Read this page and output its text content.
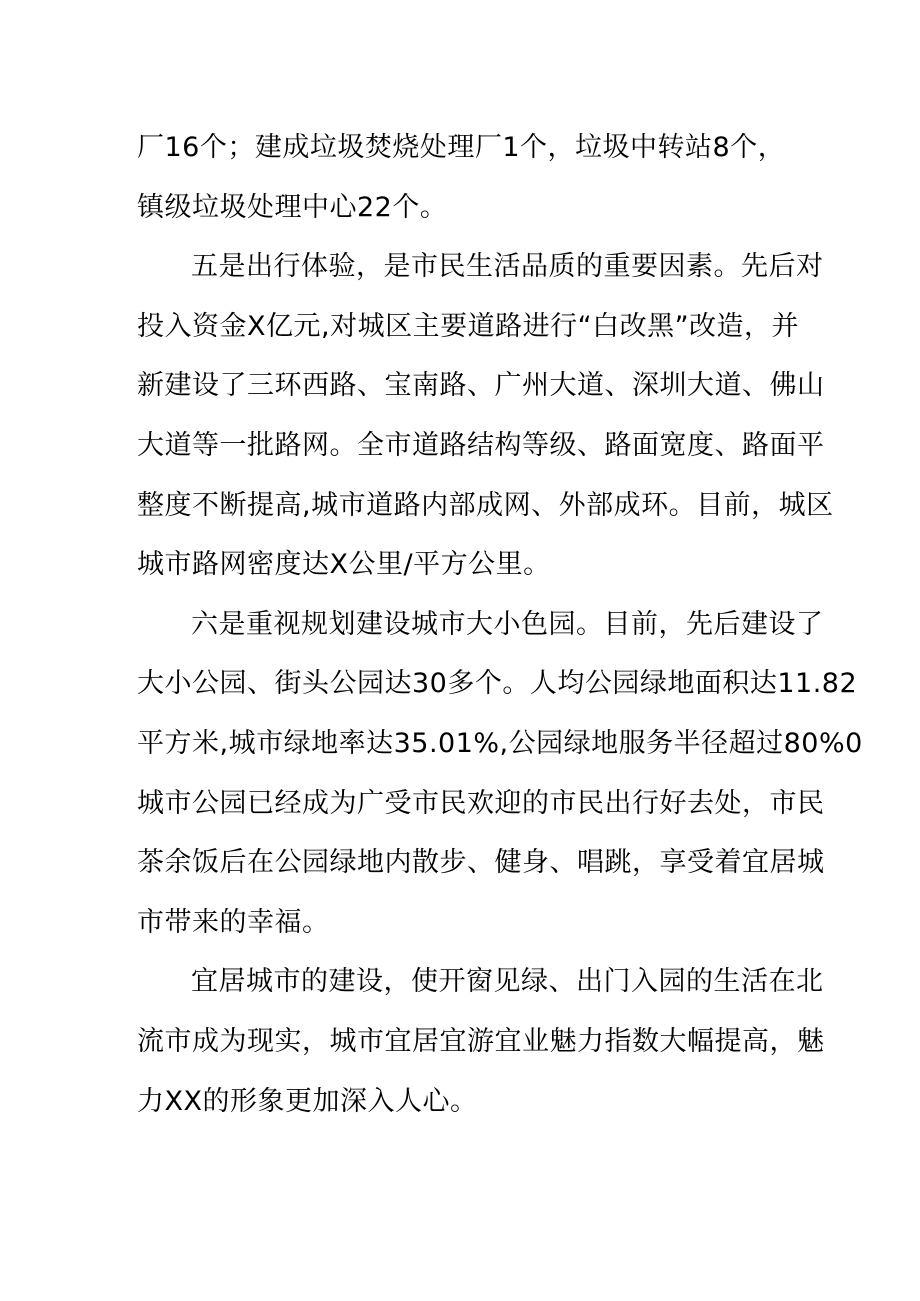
厂16个；建成垃圾焚烧处理厂1个，垃圾中转站8个，
镇级垃圾处理中心22个。
五是出行体验，是市民生活品质的重要因素。先后对
投入资金X亿元,对城区主要道路进行“白改黑”改造，并
新建设了三环西路、宝南路、广州大道、深圳大道、佛山
大道等一批路网。全市道路结构等级、路面宽度、路面平
整度不断提高,城市道路内部成网、外部成环。目前，城区
城市路网密度达X公里/平方公里。
六是重视规划建设城市大小色园。目前，先后建设了
大小公园、街头公园达30多个。人均公园绿地面积达11.82
平方米,城市绿地率达35.01%,公园绿地服务半径超过80%0
城市公园已经成为广受市民欢迎的市民出行好去处，市民
茶余饭后在公园绿地内散步、健身、唱跳，享受着宜居城
市带来的幸福。
宜居城市的建设，使开窗见绿、出门入园的生活在北
流市成为现实，城市宜居宜游宜业魅力指数大幅提高，魅
力XX的形象更加深入人心。
